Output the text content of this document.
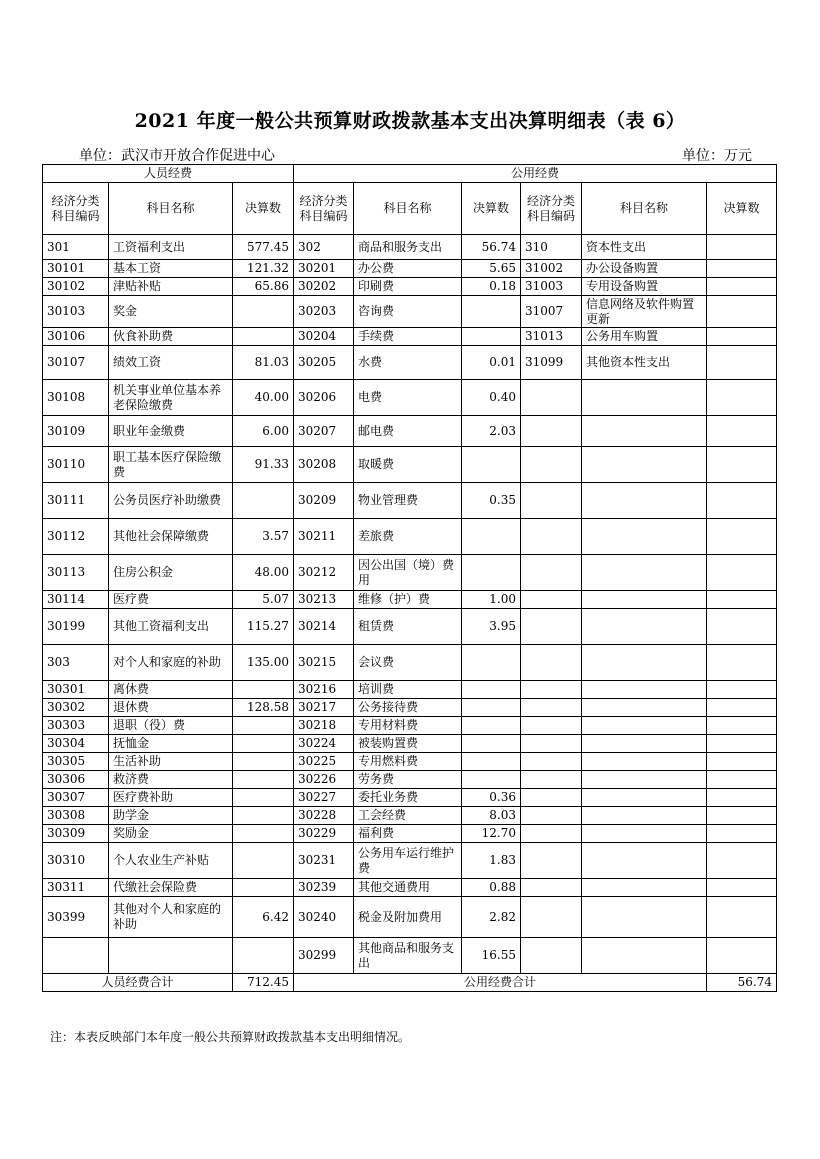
2021 年度一般公共预算财政拨款基本支出决算明细表（表 6）
单位：武汉市开放合作促进中心	单位：万元
人员经费			公用经费					
经济分类科目编码	科目名称	决算数	经济分类科目编码	科目名称	决算数	经济分类科目编码	科目名称	决算数
301	工资福利支出	577.45	302	商品和服务支出	56.74	310	资本性支出	
30101	基本工资	121.32	30201	办公费	5.65	31002	办公设备购置	
30102	津贴补贴	65.86	30202	印刷费	0.18	31003	专用设备购置	
30103	奖金		30203	咨询费		31007	信息网络及软件购置更新	
30106	伙食补助费		30204	手续费		31013	公务用车购置	
30107	绩效工资	81.03	30205	水费	0.01	31099	其他资本性支出	
30108	机关事业单位基本养老保险缴费	40.00	30206	电费	0.40			
30109	职业年金缴费	6.00	30207	邮电费	2.03			
30110	职工基本医疗保险缴费	91.33	30208	取暖费				
30111	公务员医疗补助缴费		30209	物业管理费	0.35			
30112	其他社会保障缴费	3.57	30211	差旅费				
30113	住房公积金	48.00	30212	因公出国（境）费用				
30114	医疗费	5.07	30213	维修（护）费	1.00			
30199	其他工资福利支出	115.27	30214	租赁费	3.95			
303	对个人和家庭的补助	135.00	30215	会议费				
30301	离休费		30216	培训费				
30302	退休费	128.58	30217	公务接待费				
30303	退职（役）费		30218	专用材料费				
30304	抚恤金		30224	被装购置费				
30305	生活补助		30225	专用燃料费				
30306	救济费		30226	劳务费				
30307	医疗费补助		30227	委托业务费	0.36			
30308	助学金		30228	工会经费	8.03			
30309	奖励金		30229	福利费	12.70			
30310	个人农业生产补贴		30231	公务用车运行维护费	1.83			
30311	代缴社会保险费		30239	其他交通费用	0.88			
30399	其他对个人和家庭的补助	6.42	30240	税金及附加费用	2.82			
			30299	其他商品和服务支出	16.55			
人员经费合计		712.45	公用经费合计					56.74
注：本表反映部门本年度一般公共预算财政拨款基本支出明细情况。
